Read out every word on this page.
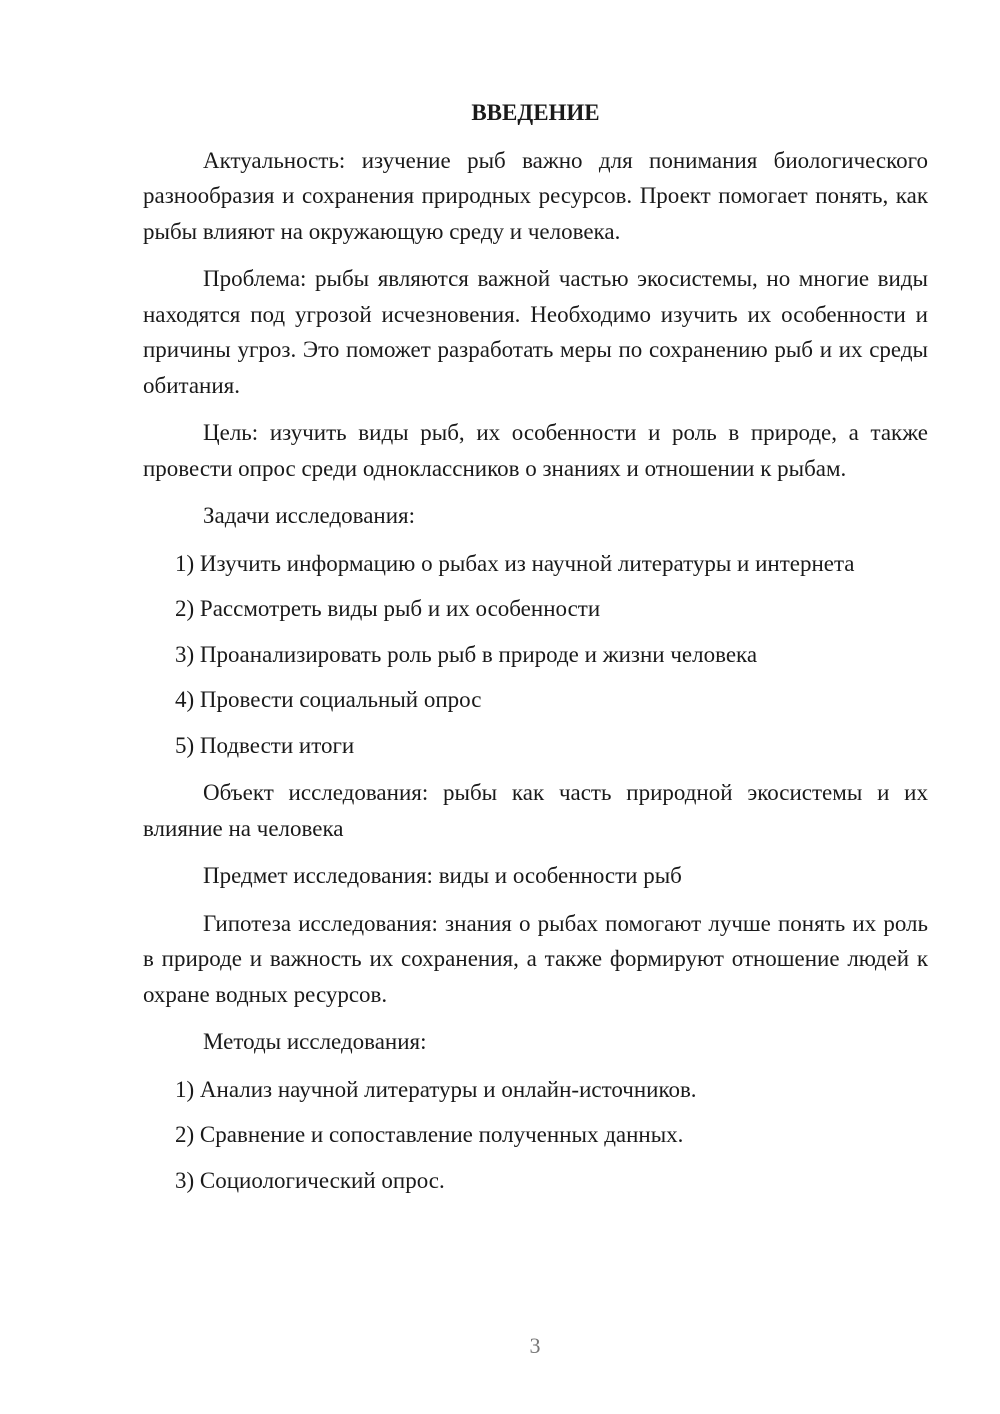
ВВЕДЕНИЕ

Актуальность: изучение рыб важно для понимания биологического разнообразия и сохранения природных ресурсов. Проект помогает понять, как рыбы влияют на окружающую среду и человека.

Проблема: рыбы являются важной частью экосистемы, но многие виды находятся под угрозой исчезновения. Необходимо изучить их особенности и причины угроз. Это поможет разработать меры по сохранению рыб и их среды обитания.

Цель: изучить виды рыб, их особенности и роль в природе, а также провести опрос среди одноклассников о знаниях и отношении к рыбам.

Задачи исследования:

1) Изучить информацию о рыбах из научной литературы и интернета
2) Рассмотреть виды рыб и их особенности
3) Проанализировать роль рыб в природе и жизни человека
4) Провести социальный опрос
5) Подвести итоги

Объект исследования: рыбы как часть природной экосистемы и их влияние на человека

Предмет исследования: виды и особенности рыб

Гипотеза исследования: знания о рыбах помогают лучше понять их роль в природе и важность их сохранения, а также формируют отношение людей к охране водных ресурсов.

Методы исследования:

1) Анализ научной литературы и онлайн-источников.
2) Сравнение и сопоставление полученных данных.
3) Социологический опрос.
3
